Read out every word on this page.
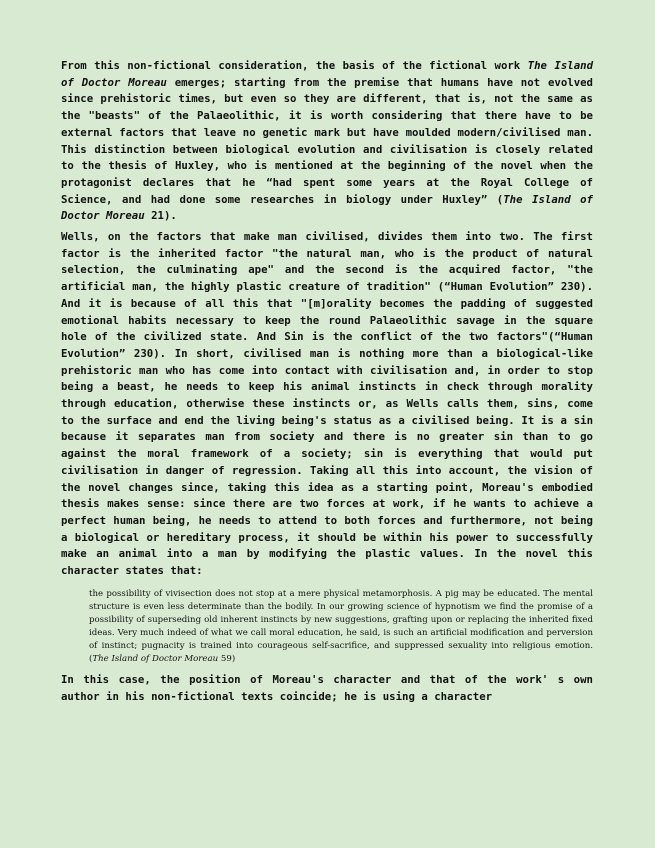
From this non-fictional consideration, the basis of the fictional work The Island of Doctor Moreau emerges; starting from the premise that humans have not evolved since prehistoric times, but even so they are different, that is, not the same as the "beasts" of the Palaeolithic, it is worth considering that there have to be external factors that leave no genetic mark but have moulded modern/civilised man. This distinction between biological evolution and civilisation is closely related to the thesis of Huxley, who is mentioned at the beginning of the novel when the protagonist declares that he “had spent some years at the Royal College of Science, and had done some researches in biology under Huxley” (The Island of Doctor Moreau 21).

Wells, on the factors that make man civilised, divides them into two. The first factor is the inherited factor "the natural man, who is the product of natural selection, the culminating ape" and the second is the acquired factor, "the artificial man, the highly plastic creature of tradition" (“Human Evolution” 230). And it is because of all this that "[m]orality becomes the padding of suggested emotional habits necessary to keep the round Palaeolithic savage in the square hole of the civilized state. And Sin is the conflict of the two factors"(“Human Evolution” 230). In short, civilised man is nothing more than a biological-like prehistoric man who has come into contact with civilisation and, in order to stop being a beast, he needs to keep his animal instincts in check through morality through education, otherwise these instincts or, as Wells calls them, sins, come to the surface and end the living being's status as a civilised being. It is a sin because it separates man from society and there is no greater sin than to go against the moral framework of a society; sin is everything that would put civilisation in danger of regression. Taking all this into account, the vision of the novel changes since, taking this idea as a starting point, Moreau's embodied thesis makes sense: since there are two forces at work, if he wants to achieve a perfect human being, he needs to attend to both forces and furthermore, not being a biological or hereditary process, it should be within his power to successfully make an animal into a man by modifying the plastic values. In the novel this character states that:

the possibility of vivisection does not stop at a mere physical metamorphosis. A pig may be educated. The mental structure is even less determinate than the bodily. In our growing science of hypnotism we find the promise of a possibility of superseding old inherent instincts by new suggestions, grafting upon or replacing the inherited fixed ideas. Very much indeed of what we call moral education, he said, is such an artificial modification and perversion of instinct; pugnacity is trained into courageous self-sacrifice, and suppressed sexuality into religious emotion. (The Island of Doctor Moreau 59)

In this case, the position of Moreau's character and that of the work' s own author in his non-fictional texts coincide; he is using a character
